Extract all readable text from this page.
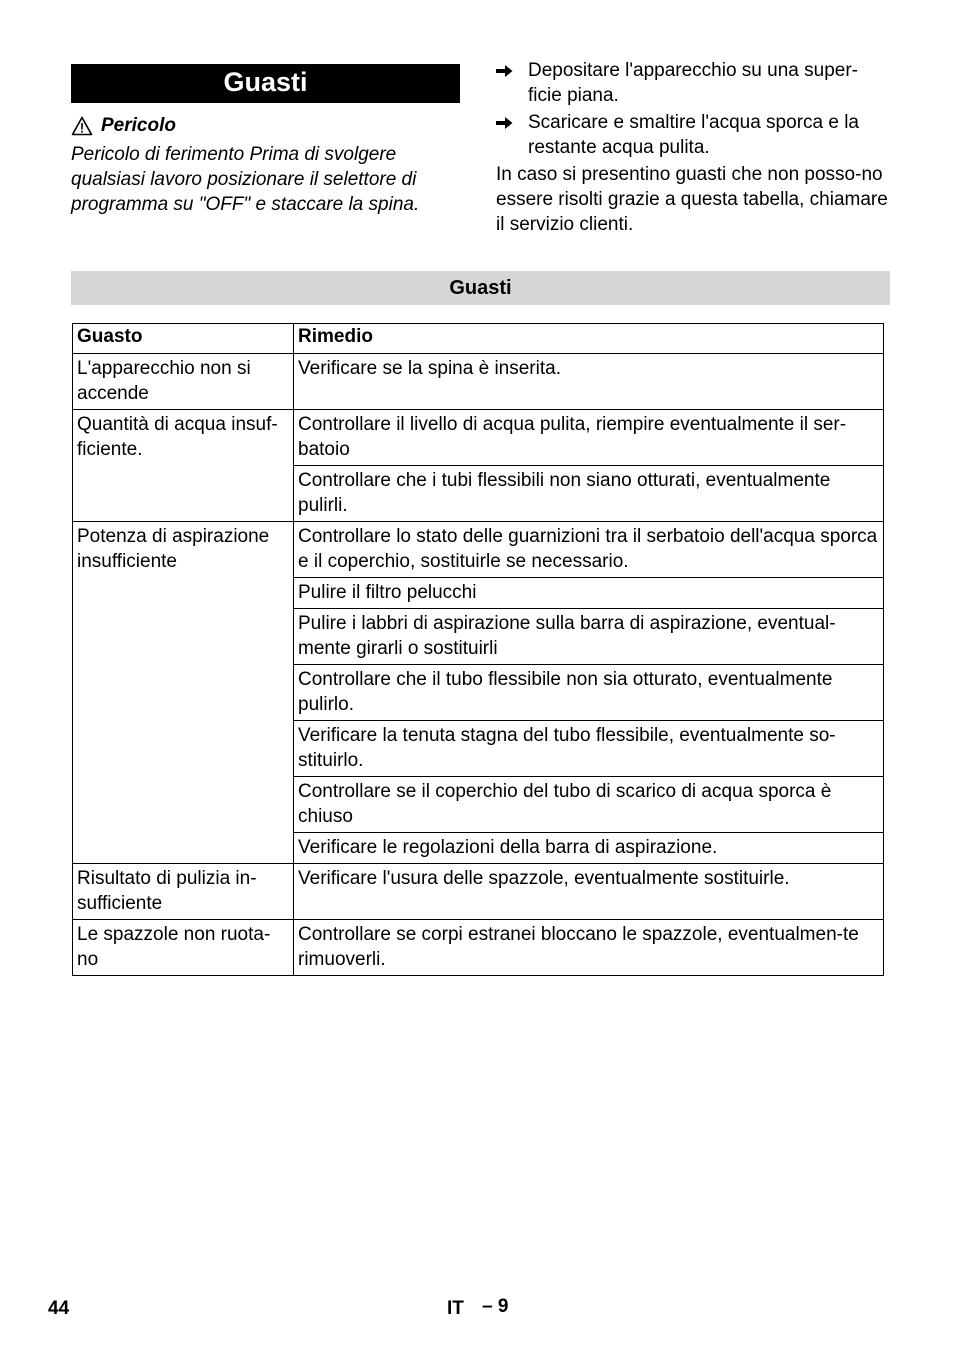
Guasti
Pericolo
Pericolo di ferimento Prima di svolgere qualsiasi lavoro posizionare il selettore di programma su "OFF" e staccare la spina.
Depositare l'apparecchio su una super-ficie piana.
Scaricare e smaltire l'acqua sporca e la restante acqua pulita.
In caso si presentino guasti che non posso-no essere risolti grazie a questa tabella, chiamare il servizio clienti.
Guasti
Guasto	Rimedio
L'apparecchio non si accende	Verificare se la spina è inserita.
Quantità di acqua insuf-ficiente.	Controllare il livello di acqua pulita, riempire eventualmente il ser-batoio
	Controllare che i tubi flessibili non siano otturati, eventualmente pulirli.
Potenza di aspirazione insufficiente	Controllare lo stato delle guarnizioni tra il serbatoio dell'acqua sporca e il coperchio, sostituirle se necessario.
	Pulire il filtro pelucchi
	Pulire i labbri di aspirazione sulla barra di aspirazione, eventual-mente girarli o sostituirli
	Controllare che il tubo flessibile non sia otturato, eventualmente pulirlo.
	Verificare la tenuta stagna del tubo flessibile, eventualmente so-stituirlo.
	Controllare se il coperchio del tubo di scarico di acqua sporca è chiuso
	Verificare le regolazioni della barra di aspirazione.
Risultato di pulizia in-sufficiente	Verificare l'usura delle spazzole, eventualmente sostituirle.
Le spazzole non ruota-no	Controllare se corpi estranei bloccano le spazzole, eventualmen-te rimuoverli.
44	IT – 9
